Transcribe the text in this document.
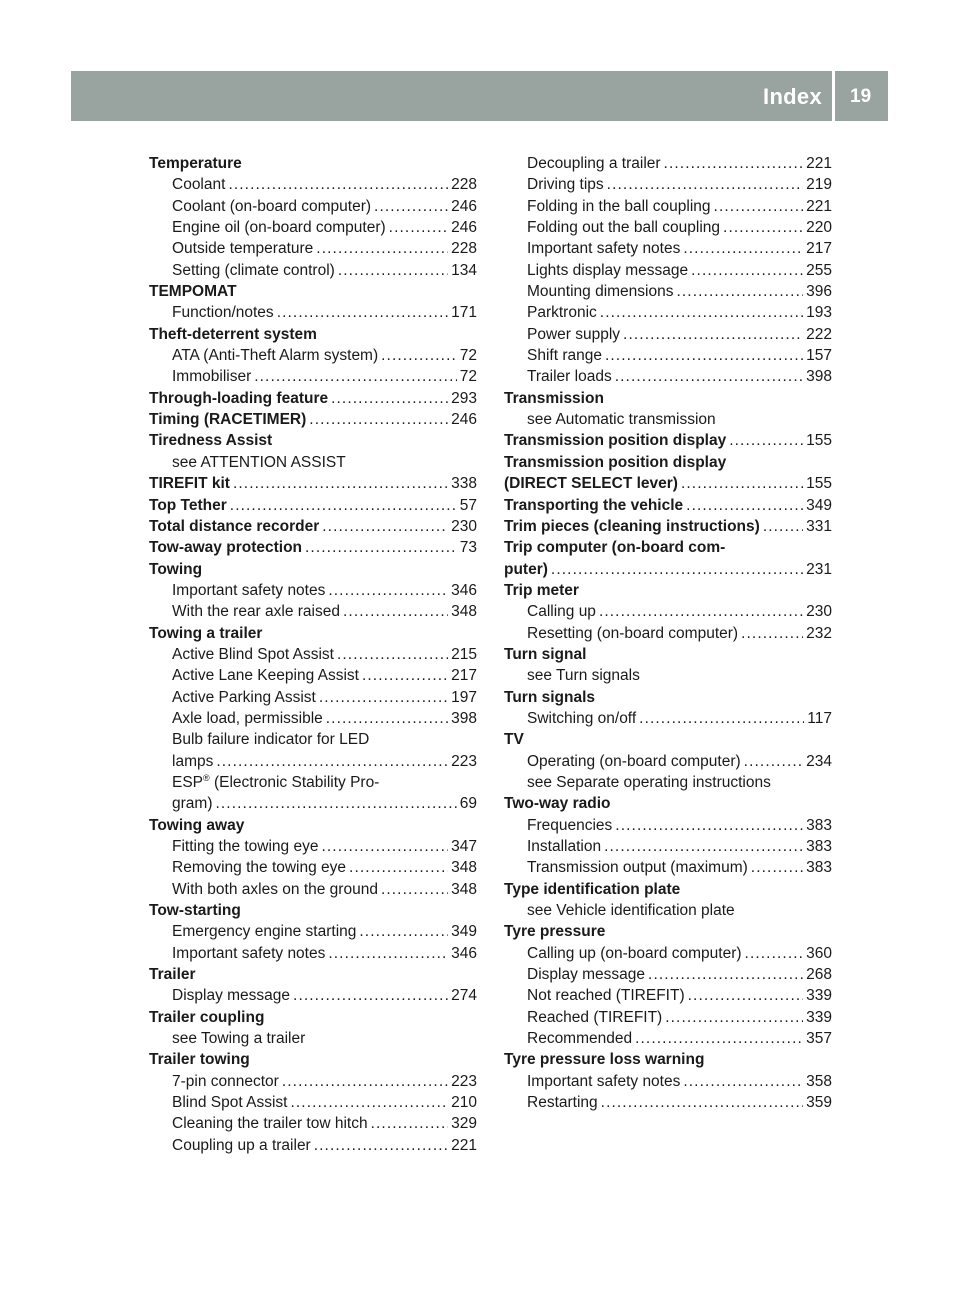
Index 19
Temperature
Coolant . . .	228
Coolant (on-board computer) . . .	246
Engine oil (on-board computer) . . .	246
Outside temperature . . .	228
Setting (climate control) . . .	134
TEMPOMAT
Function/notes . . .	171
Theft-deterrent system
ATA (Anti-Theft Alarm system) . . .	72
Immobiliser . . .	72
Through-loading feature . . .	293
Timing (RACETIMER) . . .	246
Tiredness Assist
see ATTENTION ASSIST
TIREFIT kit . . .	338
Top Tether . . .	57
Total distance recorder . . .	230
Tow-away protection . . .	73
Towing
Important safety notes . . .	346
With the rear axle raised . . .	348
Towing a trailer
Active Blind Spot Assist . . .	215
Active Lane Keeping Assist . . .	217
Active Parking Assist . . .	197
Axle load, permissible . . .	398
Bulb failure indicator for LED
lamps . . .	223
ESP® (Electronic Stability Pro-
gram) . . .	69
Towing away
Fitting the towing eye . . .	347
Removing the towing eye . . .	348
With both axles on the ground . . .	348
Tow-starting
Emergency engine starting . . .	349
Important safety notes . . .	346
Trailer
Display message . . .	274
Trailer coupling
see Towing a trailer
Trailer towing
7-pin connector . . .	223
Blind Spot Assist . . .	210
Cleaning the trailer tow hitch . . .	329
Coupling up a trailer . . .	221
Decoupling a trailer . . .	221
Driving tips . . .	219
Folding in the ball coupling . . .	221
Folding out the ball coupling . . .	220
Important safety notes . . .	217
Lights display message . . .	255
Mounting dimensions . . .	396
Parktronic . . .	193
Power supply . . .	222
Shift range . . .	157
Trailer loads . . .	398
Transmission
see Automatic transmission
Transmission position display . . .	155
Transmission position display
(DIRECT SELECT lever) . . .	155
Transporting the vehicle . . .	349
Trim pieces (cleaning instructions) . . .	331
Trip computer (on-board com-
puter) . . .	231
Trip meter
Calling up . . .	230
Resetting (on-board computer) . . .	232
Turn signal
see Turn signals
Turn signals
Switching on/off . . .	117
TV
Operating (on-board computer) . . .	234
see Separate operating instructions
Two-way radio
Frequencies . . .	383
Installation . . .	383
Transmission output (maximum) . . .	383
Type identification plate
see Vehicle identification plate
Tyre pressure
Calling up (on-board computer) . . .	360
Display message . . .	268
Not reached (TIREFIT) . . .	339
Reached (TIREFIT) . . .	339
Recommended . . .	357
Tyre pressure loss warning
Important safety notes . . .	358
Restarting . . .	359
